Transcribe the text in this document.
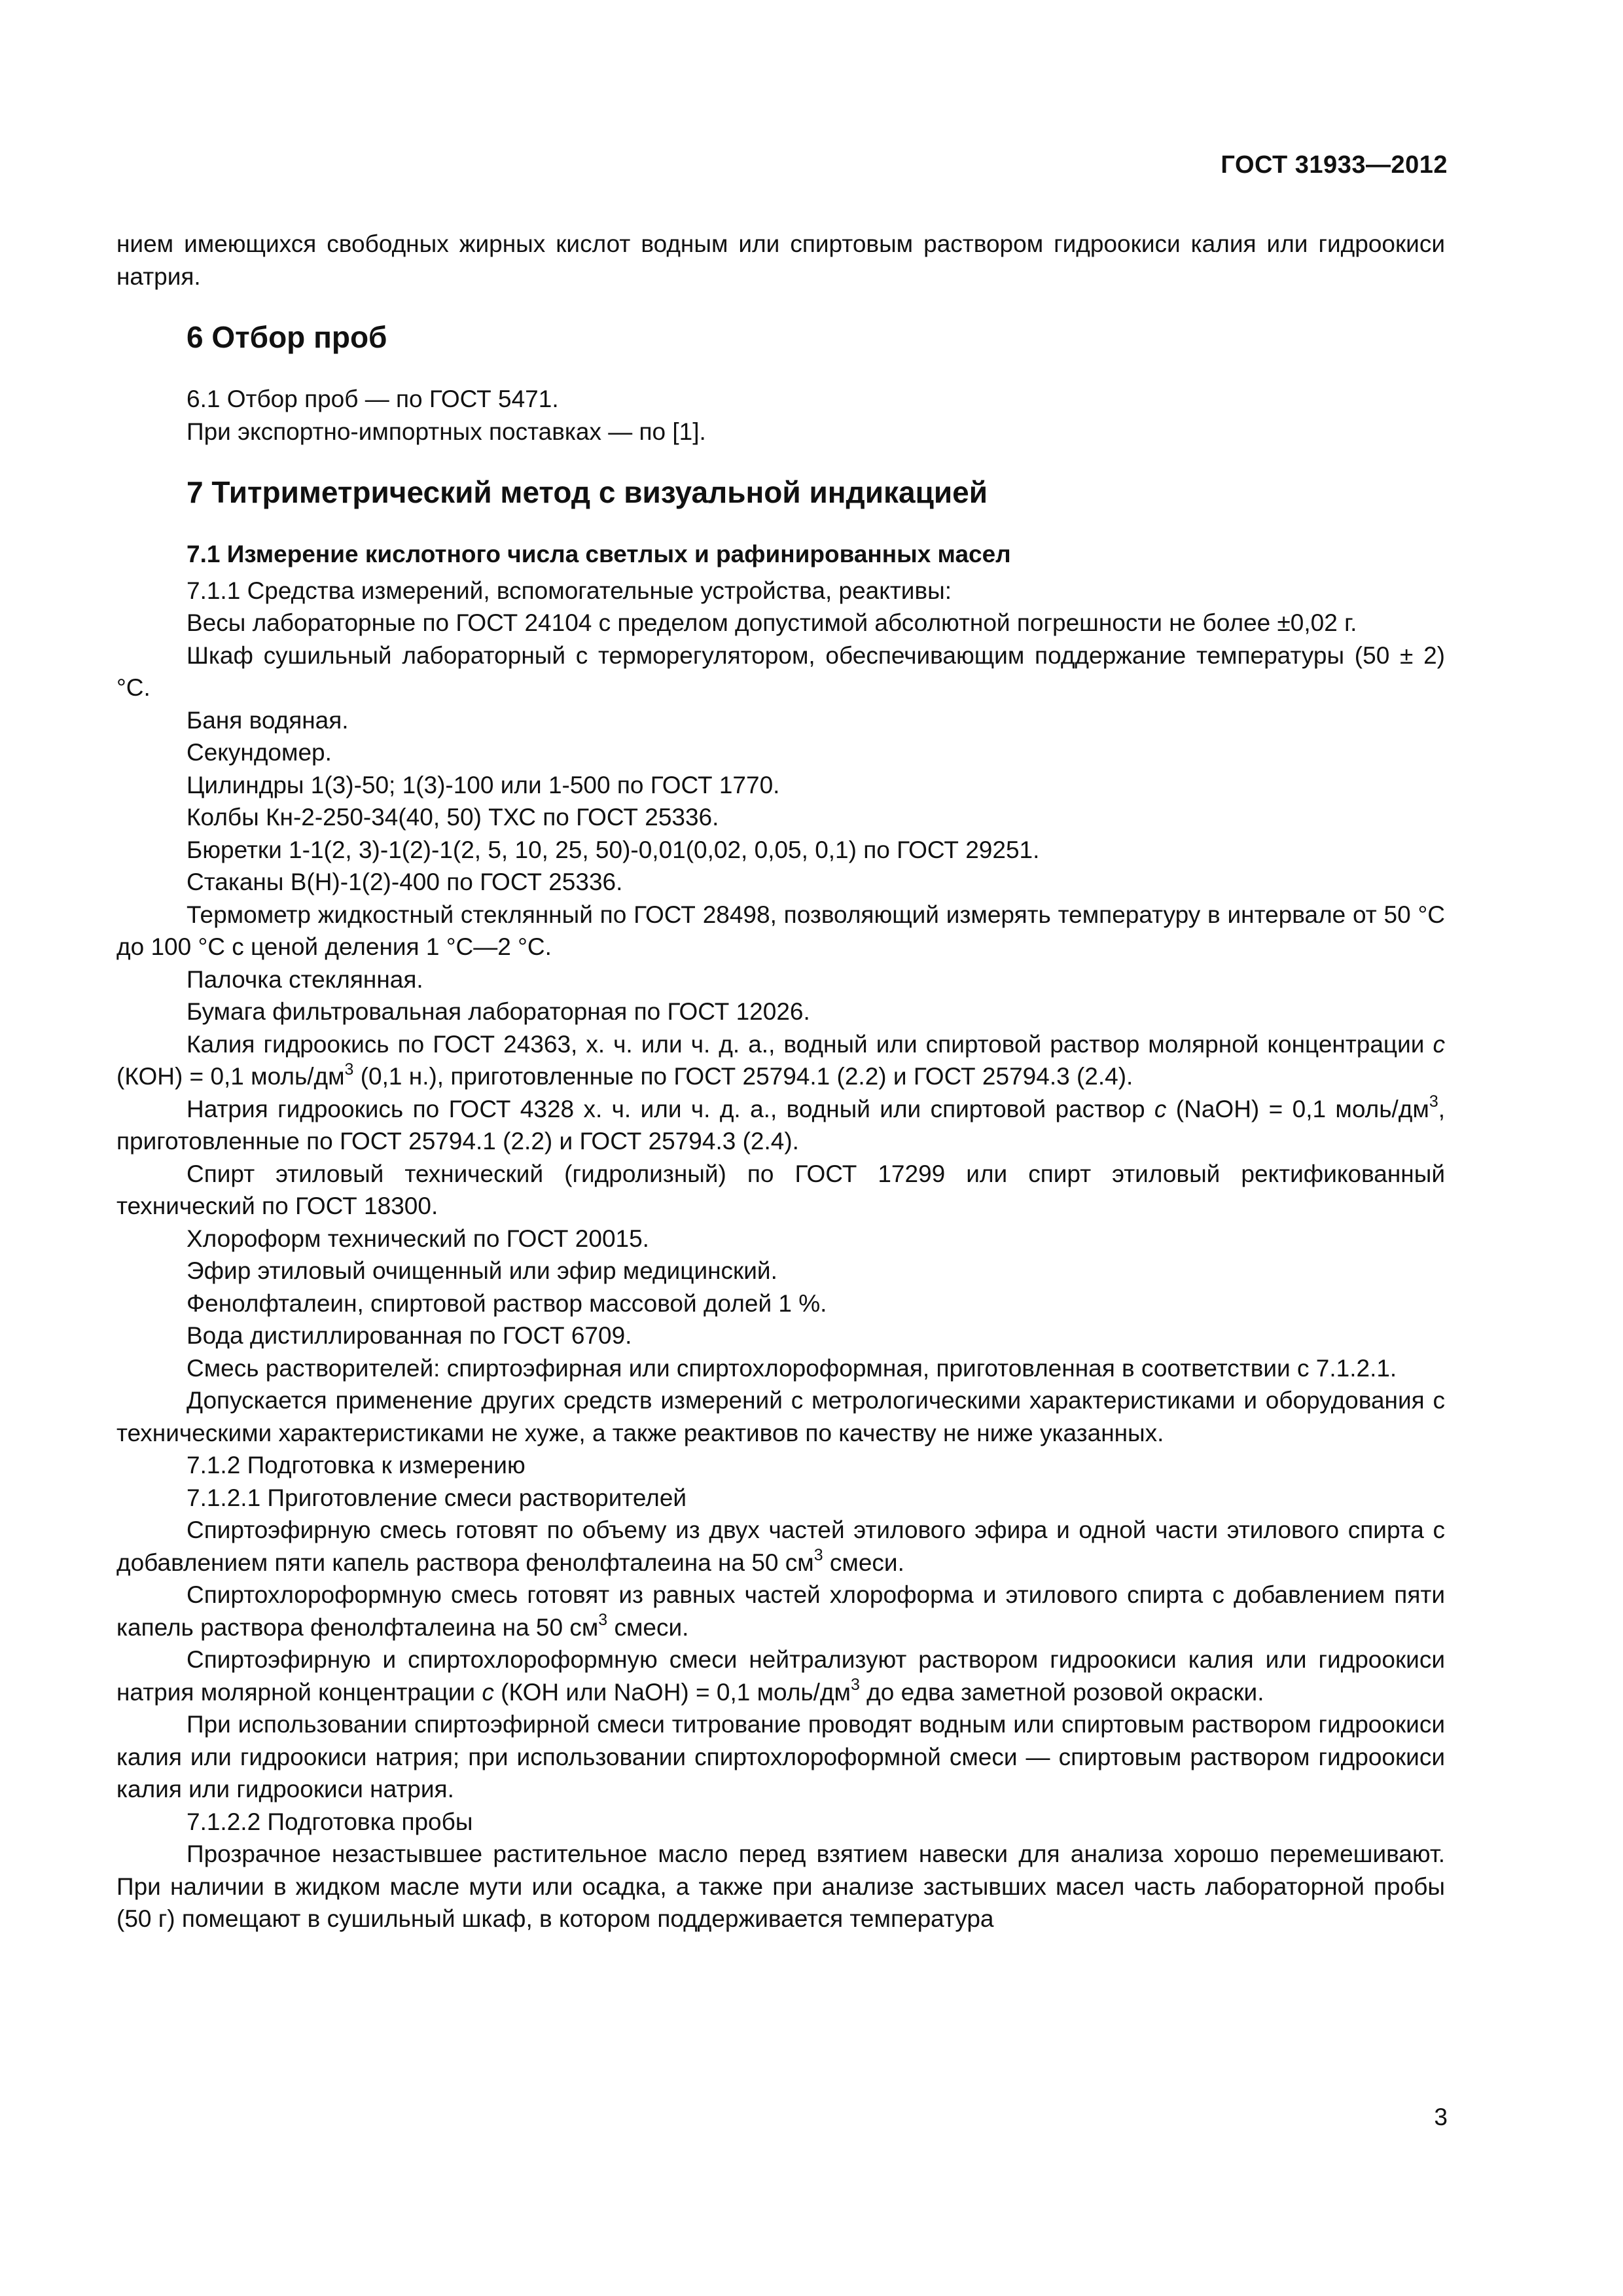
ГОСТ 31933—2012

нием имеющихся свободных жирных кислот водным или спиртовым раствором гидроокиси калия или гидроокиси натрия.

6 Отбор проб

6.1 Отбор проб — по ГОСТ 5471.

При экспортно-импортных поставках — по [1].

7 Титриметрический метод с визуальной индикацией
7.1 Измерение кислотного числа светлых и рафинированных масел

7.1.1 Средства измерений, вспомогательные устройства, реактивы:

Весы лабораторные по ГОСТ 24104 с пределом допустимой абсолютной погрешности не более ±0,02 г.

Шкаф сушильный лабораторный с терморегулятором, обеспечивающим поддержание температуры (50 ± 2) °С.

Баня водяная.

Секундомер.

Цилиндры 1(3)-50; 1(3)-100 или 1-500 по ГОСТ 1770.

Колбы Кн-2-250-34(40, 50) ТХС по ГОСТ 25336.

Бюретки 1-1(2, 3)-1(2)-1(2, 5, 10, 25, 50)-0,01(0,02, 0,05, 0,1) по ГОСТ 29251.

Стаканы В(Н)-1(2)-400 по ГОСТ 25336.

Термометр жидкостный стеклянный по ГОСТ 28498, позволяющий измерять температуру в интервале от 50 °С до 100 °С с ценой деления 1 °С—2 °С.

Палочка стеклянная.

Бумага фильтровальная лабораторная по ГОСТ 12026.

Калия гидроокись по ГОСТ 24363, х. ч. или ч. д. а., водный или спиртовой раствор молярной концентрации с (КОН) = 0,1 моль/$дм^3$ (0,1 н.), приготовленные по ГОСТ 25794.1 (2.2) и ГОСТ 25794.3 (2.4).

Натрия гидроокись по ГОСТ 4328 х. ч. или ч. д. а., водный или спиртовой раствор с (NaOH) = 0,1 моль/$дм^3$, приготовленные по ГОСТ 25794.1 (2.2) и ГОСТ 25794.3 (2.4).

Спирт этиловый технический (гидролизный) по ГОСТ 17299 или спирт этиловый ректификованный технический по ГОСТ 18300.

Хлороформ технический по ГОСТ 20015.

Эфир этиловый очищенный или эфир медицинский.

Фенолфталеин, спиртовой раствор массовой долей 1 %.

Вода дистиллированная по ГОСТ 6709.

Смесь растворителей: спиртоэфирная или спиртохлороформная, приготовленная в соответствии с 7.1.2.1.

Допускается применение других средств измерений с метрологическими характеристиками и оборудования с техническими характеристиками не хуже, а также реактивов по качеству не ниже указанных.

7.1.2 Подготовка к измерению

7.1.2.1 Приготовление смеси растворителей

Спиртоэфирную смесь готовят по объему из двух частей этилового эфира и одной части этилового спирта с добавлением пяти капель раствора фенолфталеина на 50 $см^3$ смеси.

Спиртохлороформную смесь готовят из равных частей хлороформа и этилового спирта с добавлением пяти капель раствора фенолфталеина на 50 $см^3$ смеси.

Спиртоэфирную и спиртохлороформную смеси нейтрализуют раствором гидроокиси калия или гидроокиси натрия молярной концентрации с (КОН или NaOH) = 0,1 моль/$дм^3$ до едва заметной розовой окраски.

При использовании спиртоэфирной смеси титрование проводят водным или спиртовым раствором гидроокиси калия или гидроокиси натрия; при использовании спиртохлороформной смеси — спиртовым раствором гидроокиси калия или гидроокиси натрия.

7.1.2.2 Подготовка пробы

Прозрачное незастывшее растительное масло перед взятием навески для анализа хорошо перемешивают. При наличии в жидком масле мути или осадка, а также при анализе застывших масел часть лабораторной пробы (50 г) помещают в сушильный шкаф, в котором поддерживается температура

3
